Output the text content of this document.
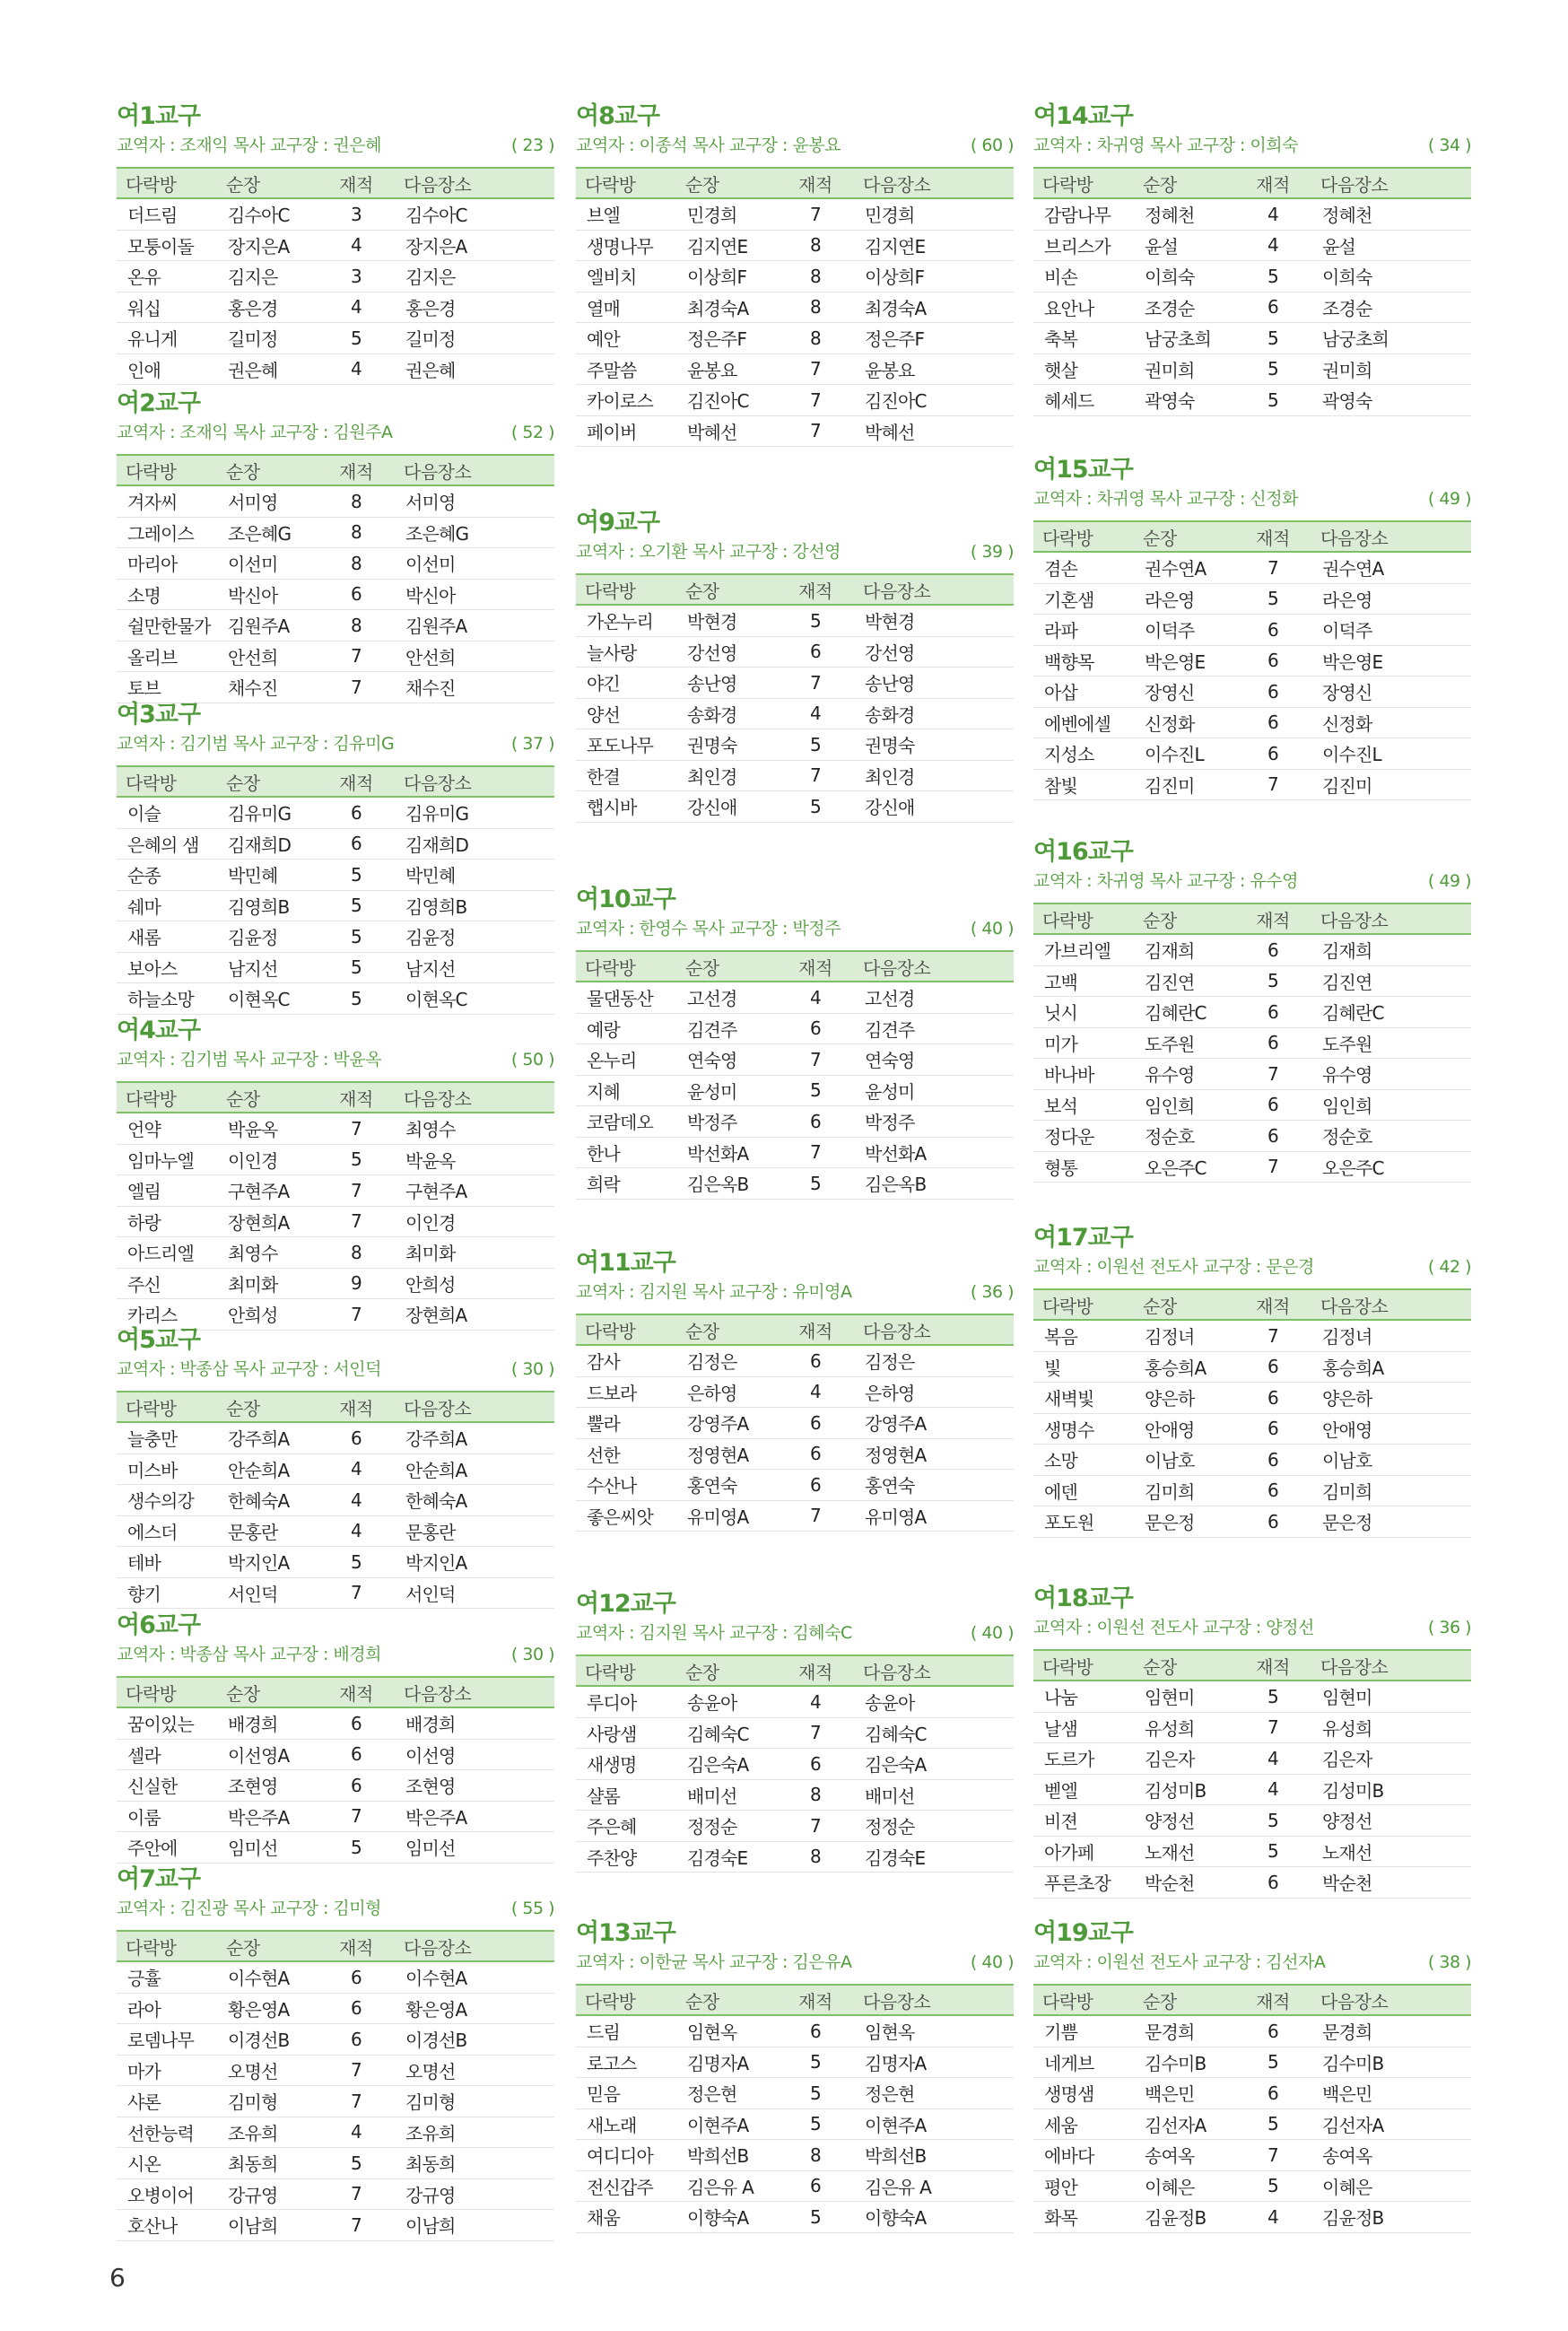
여1교구
교역자 : 조재익 목사 교구장 : 권은혜	( 23 )
다락방	순장	재적	다음장소
더드림	김수아C	3	김수아C
모퉁이돌	장지은A	4	장지은A
온유	김지은	3	김지은
워십	홍은경	4	홍은경
유니게	길미정	5	길미정
인애	권은혜	4	권은혜
여2교구
교역자 : 조재익 목사 교구장 : 김원주A	( 52 )
다락방	순장	재적	다음장소
겨자씨	서미영	8	서미영
그레이스	조은혜G	8	조은혜G
마리아	이선미	8	이선미
소명	박신아	6	박신아
쉴만한물가	김원주A	8	김원주A
올리브	안선희	7	안선희
토브	채수진	7	채수진
여3교구
교역자 : 김기범 목사 교구장 : 김유미G	( 37 )
다락방	순장	재적	다음장소
이슬	김유미G	6	김유미G
은혜의 샘	김재희D	6	김재희D
순종	박민혜	5	박민혜
쉐마	김영희B	5	김영희B
새롬	김윤정	5	김윤정
보아스	남지선	5	남지선
하늘소망	이현옥C	5	이현옥C
여4교구
교역자 : 김기범 목사 교구장 : 박윤옥	( 50 )
다락방	순장	재적	다음장소
언약	박윤옥	7	최영수
임마누엘	이인경	5	박윤옥
엘림	구현주A	7	구현주A
하랑	장현희A	7	이인경
아드리엘	최영수	8	최미화
주신	최미화	9	안희성
카리스	안희성	7	장현희A
여5교구
교역자 : 박종삼 목사 교구장 : 서인덕	( 30 )
다락방	순장	재적	다음장소
늘충만	강주희A	6	강주희A
미스바	안순희A	4	안순희A
생수의강	한혜숙A	4	한혜숙A
에스더	문홍란	4	문홍란
테바	박지인A	5	박지인A
향기	서인덕	7	서인덕
여6교구
교역자 : 박종삼 목사 교구장 : 배경희	( 30 )
다락방	순장	재적	다음장소
꿈이있는	배경희	6	배경희
셀라	이선영A	6	이선영
신실한	조현영	6	조현영
이룸	박은주A	7	박은주A
주안에	임미선	5	임미선
여7교구
교역자 : 김진광 목사 교구장 : 김미형	( 55 )
다락방	순장	재적	다음장소
긍휼	이수현A	6	이수현A
라아	황은영A	6	황은영A
로뎀나무	이경선B	6	이경선B
마가	오명선	7	오명선
샤론	김미형	7	김미형
선한능력	조유희	4	조유희
시온	최동희	5	최동희
오병이어	강규영	7	강규영
호산나	이남희	7	이남희
여8교구
교역자 : 이종석 목사 교구장 : 윤봉요	( 60 )
다락방	순장	재적	다음장소
브엘	민경희	7	민경희
생명나무	김지연E	8	김지연E
엘비치	이상희F	8	이상희F
열매	최경숙A	8	최경숙A
예안	정은주F	8	정은주F
주말씀	윤봉요	7	윤봉요
카이로스	김진아C	7	김진아C
페이버	박혜선	7	박혜선
여9교구
교역자 : 오기환 목사 교구장 : 강선영	( 39 )
다락방	순장	재적	다음장소
가온누리	박현경	5	박현경
늘사랑	강선영	6	강선영
야긴	송난영	7	송난영
양선	송화경	4	송화경
포도나무	권명숙	5	권명숙
한결	최인경	7	최인경
햅시바	강신애	5	강신애
여10교구
교역자 : 한영수 목사 교구장 : 박정주	( 40 )
다락방	순장	재적	다음장소
물댄동산	고선경	4	고선경
예랑	김견주	6	김견주
온누리	연숙영	7	연숙영
지혜	윤성미	5	윤성미
코람데오	박정주	6	박정주
한나	박선화A	7	박선화A
희락	김은옥B	5	김은옥B
여11교구
교역자 : 김지원 목사 교구장 : 유미영A	( 36 )
다락방	순장	재적	다음장소
감사	김정은	6	김정은
드보라	은하영	4	은하영
뿔라	강영주A	6	강영주A
선한	정영현A	6	정영현A
수산나	홍연숙	6	홍연숙
좋은씨앗	유미영A	7	유미영A
여12교구
교역자 : 김지원 목사 교구장 : 김혜숙C	( 40 )
다락방	순장	재적	다음장소
루디아	송윤아	4	송윤아
사랑샘	김혜숙C	7	김혜숙C
새생명	김은숙A	6	김은숙A
샬롬	배미선	8	배미선
주은혜	정정순	7	정정순
주찬양	김경숙E	8	김경숙E
여13교구
교역자 : 이한균 목사 교구장 : 김은유A	( 40 )
다락방	순장	재적	다음장소
드림	임현옥	6	임현옥
로고스	김명자A	5	김명자A
믿음	정은현	5	정은현
새노래	이현주A	5	이현주A
여디디아	박희선B	8	박희선B
전신갑주	김은유 A	6	김은유 A
채움	이향숙A	5	이향숙A
여14교구
교역자 : 차귀영 목사 교구장 : 이희숙	( 34 )
다락방	순장	재적	다음장소
감람나무	정혜천	4	정혜천
브리스가	윤설	4	윤설
비손	이희숙	5	이희숙
요안나	조경순	6	조경순
축복	남궁초희	5	남궁초희
햇살	권미희	5	권미희
헤세드	곽영숙	5	곽영숙
여15교구
교역자 : 차귀영 목사 교구장 : 신정화	( 49 )
다락방	순장	재적	다음장소
겸손	권수연A	7	권수연A
기혼샘	라은영	5	라은영
라파	이덕주	6	이덕주
백향목	박은영E	6	박은영E
아삽	장영신	6	장영신
에벤에셀	신정화	6	신정화
지성소	이수진L	6	이수진L
참빛	김진미	7	김진미
여16교구
교역자 : 차귀영 목사 교구장 : 유수영	( 49 )
다락방	순장	재적	다음장소
가브리엘	김재희	6	김재희
고백	김진연	5	김진연
닛시	김혜란C	6	김혜란C
미가	도주원	6	도주원
바나바	유수영	7	유수영
보석	임인희	6	임인희
정다운	정순호	6	정순호
형통	오은주C	7	오은주C
여17교구
교역자 : 이원선 전도사 교구장 : 문은경	( 42 )
다락방	순장	재적	다음장소
복음	김정녀	7	김정녀
빛	홍승희A	6	홍승희A
새벽빛	양은하	6	양은하
생명수	안애영	6	안애영
소망	이남호	6	이남호
에덴	김미희	6	김미희
포도원	문은정	6	문은정
여18교구
교역자 : 이원선 전도사 교구장 : 양정선	( 36 )
다락방	순장	재적	다음장소
나눔	임현미	5	임현미
날샘	유성희	7	유성희
도르가	김은자	4	김은자
벧엘	김성미B	4	김성미B
비젼	양정선	5	양정선
아가페	노재선	5	노재선
푸른초장	박순천	6	박순천
여19교구
교역자 : 이원선 전도사 교구장 : 김선자A	( 38 )
다락방	순장	재적	다음장소
기쁨	문경희	6	문경희
네게브	김수미B	5	김수미B
생명샘	백은민	6	백은민
세움	김선자A	5	김선자A
에바다	송여옥	7	송여옥
평안	이혜은	5	이혜은
화목	김윤정B	4	김윤정B
6
